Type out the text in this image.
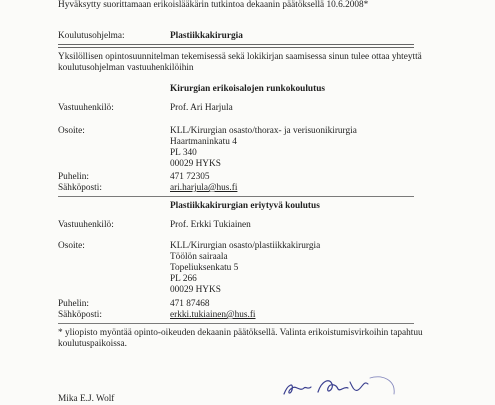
Hyväksytty suorittamaan erikoislääkärin tutkintoa dekaanin päätöksellä 10.6.2008*
Koulutusohjelma:	Plastiikkakirurgia
Yksilöllisen opintosuunnitelman tekemisessä sekä lokikirjan saamisessa sinun tulee ottaa yhteyttä
koulutusohjelman vastuuhenkilöihin
Kirurgian erikoisalojen runkokoulutus
Vastuuhenkilö:	Prof. Ari Harjula
Osoite:	KLL/Kirurgian osasto/thorax- ja verisuonikirurgia
Haartmaninkatu 4
PL 340
00029 HYKS
Puhelin:	471 72305
Sähköposti:	ari.harjula@hus.fi
Plastiikkakirurgian eriytyvä koulutus
Vastuuhenkilö:	Prof. Erkki Tukiainen
Osoite:	KLL/Kirurgian osasto/plastiikkakirurgia
Töölön sairaala
Topeliuksenkatu 5
PL 266
00029 HYKS
Puhelin:	471 87468
Sähköposti:	erkki.tukiainen@hus.fi
* yliopisto myöntää opinto-oikeuden dekaanin päätöksellä. Valinta erikoistumisvirkoihin tapahtuu
koulutuspaikoissa.
Mika E.J. Wolf
